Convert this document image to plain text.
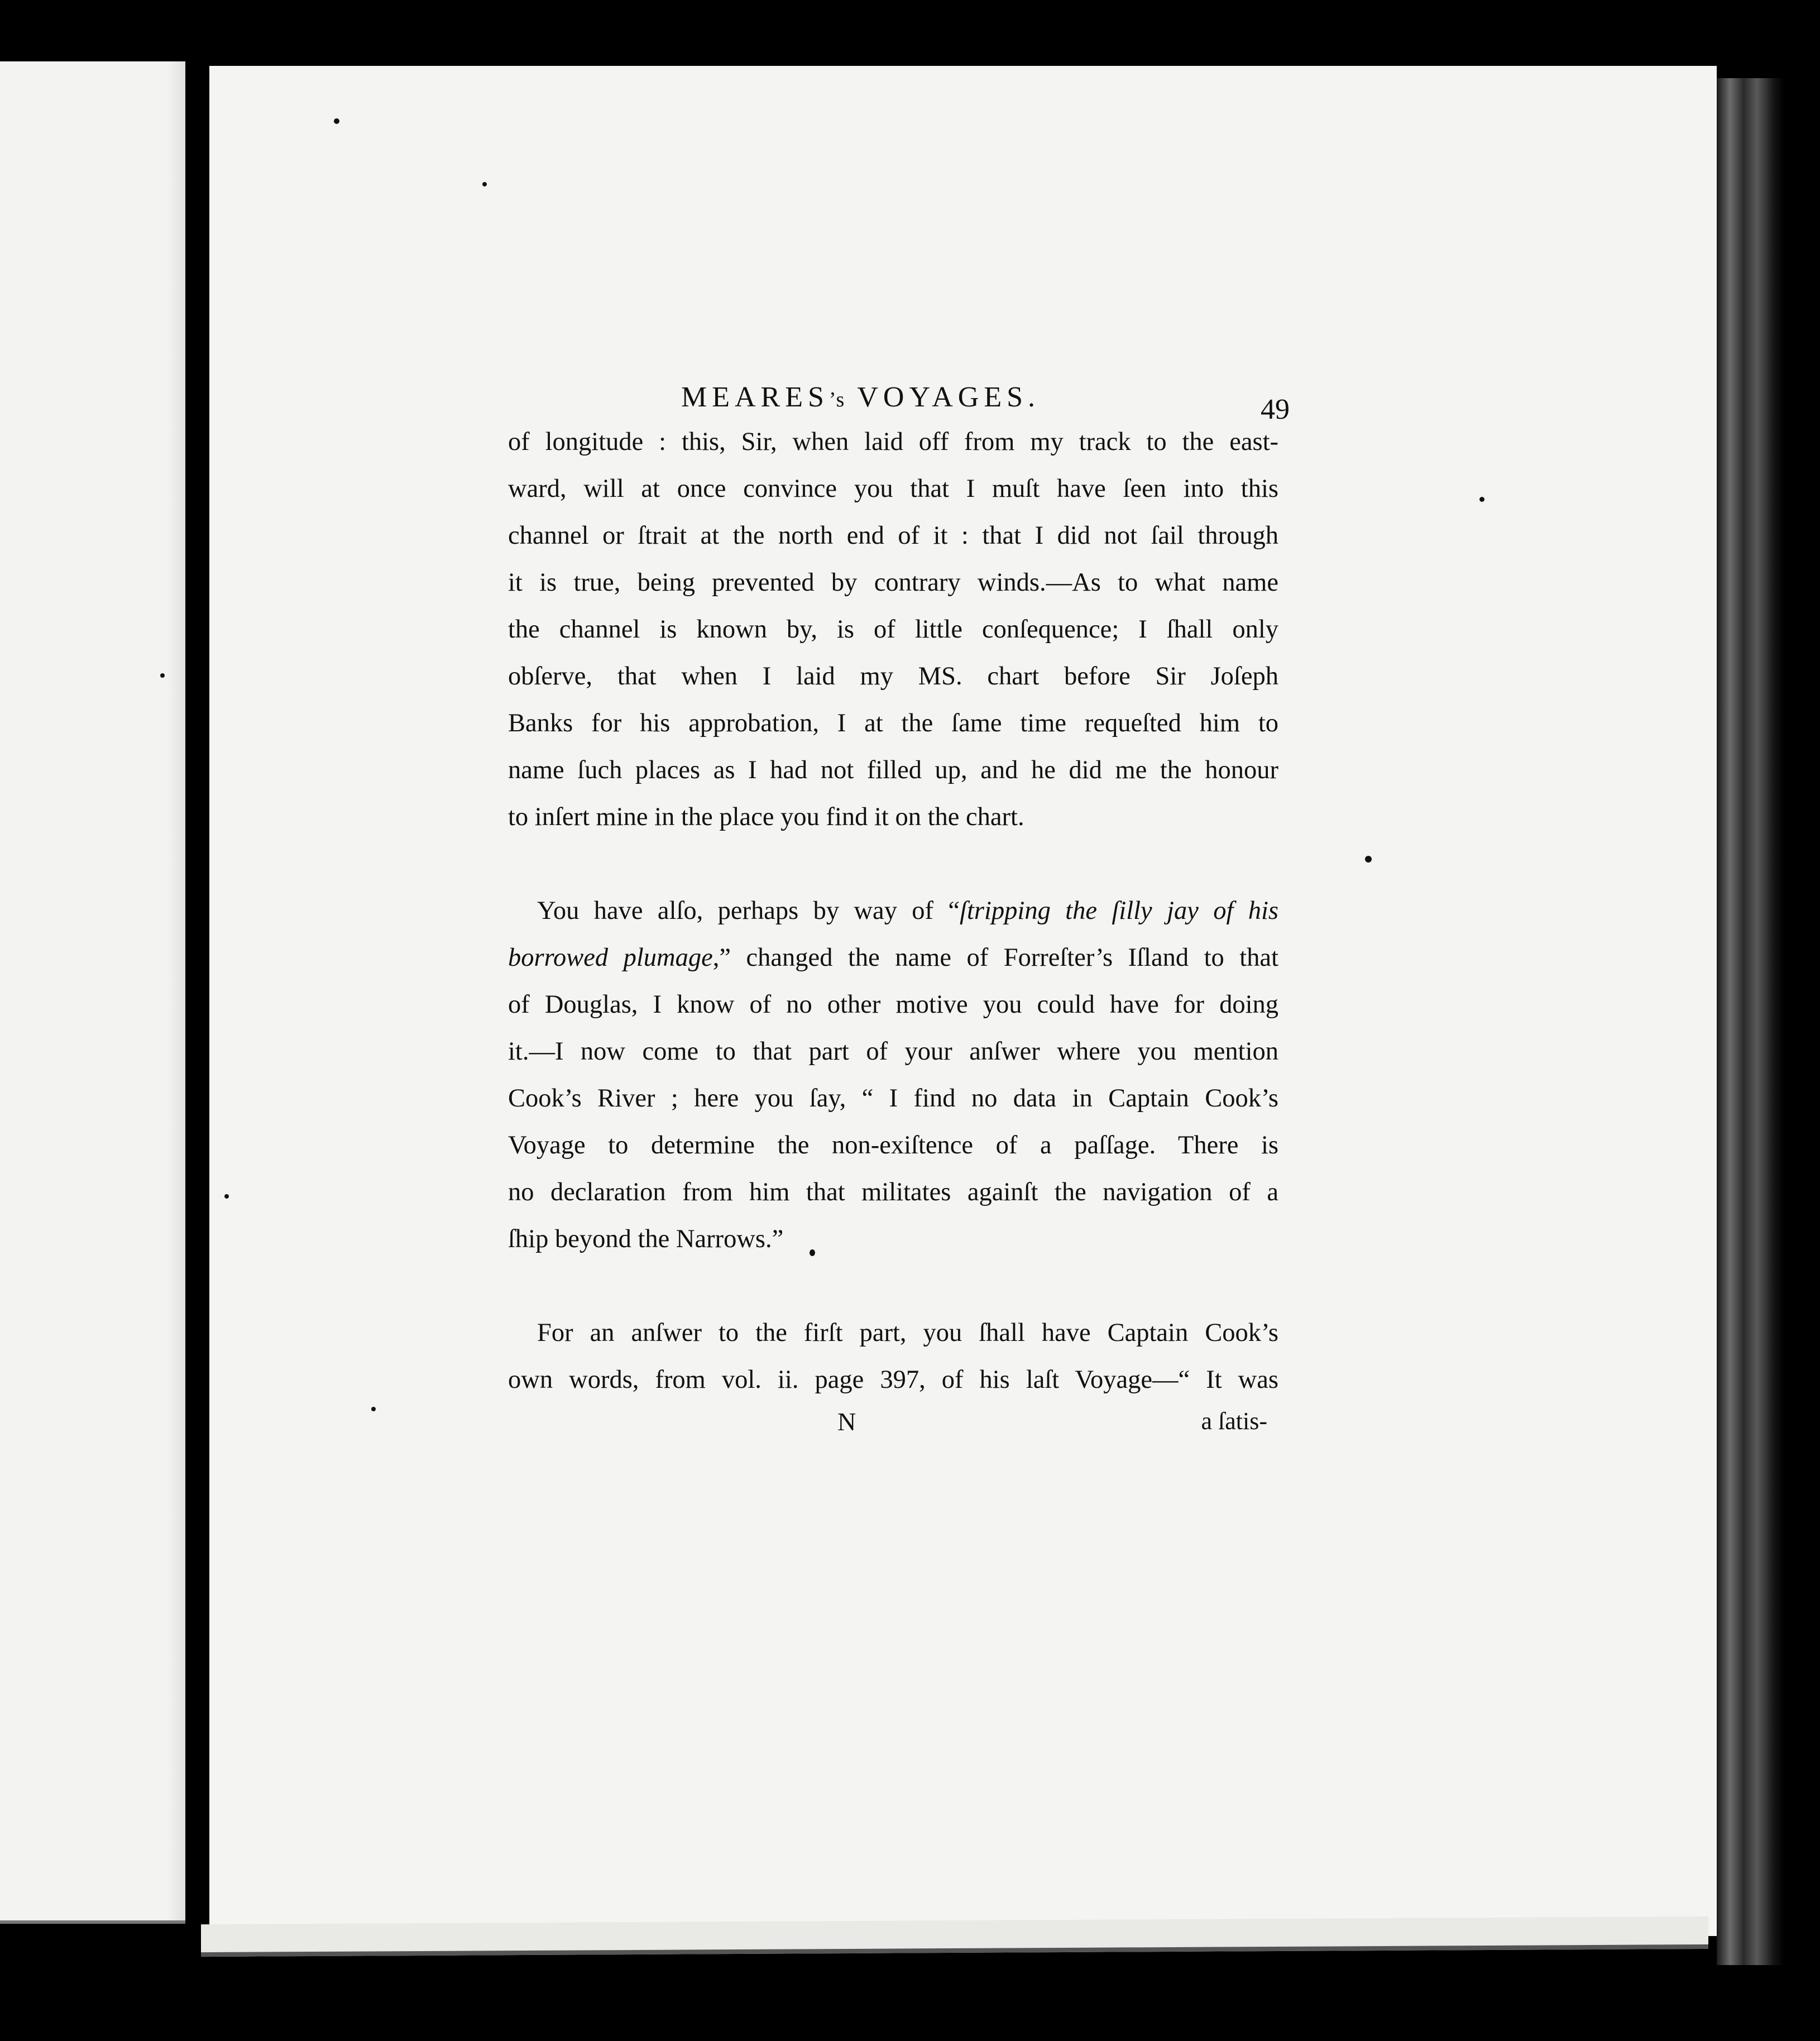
MEARES’s VOYAGES.	49
of longitude : this, Sir, when laid off from my track to the east-
ward, will at once convince you that I muſt have ſeen into this
channel or ſtrait at the north end of it : that I did not ſail through
it is true, being prevented by contrary winds.—As to what name
the channel is known by, is of little conſequence; I ſhall only
obſerve, that when I laid my MS. chart before Sir Joſeph
Banks for his approbation, I at the ſame time requeſted him to
name ſuch places as I had not filled up, and he did me the honour
to inſert mine in the place you find it on the chart.
You have alſo, perhaps by way of “ſtripping the ſilly jay of his
borrowed plumage,” changed the name of Forreſter’s Iſland to that
of Douglas, I know of no other motive you could have for doing
it.—I now come to that part of your anſwer where you mention
Cook’s River ; here you ſay, “ I find no data in Captain Cook’s
Voyage to determine the non-exiſtence of a paſſage. There is
no declaration from him that militates againſt the navigation of a
ſhip beyond the Narrows.”
For an anſwer to the firſt part, you ſhall have Captain Cook’s
own words, from vol. ii. page 397, of his laſt Voyage—“ It was
N	a ſatis-
